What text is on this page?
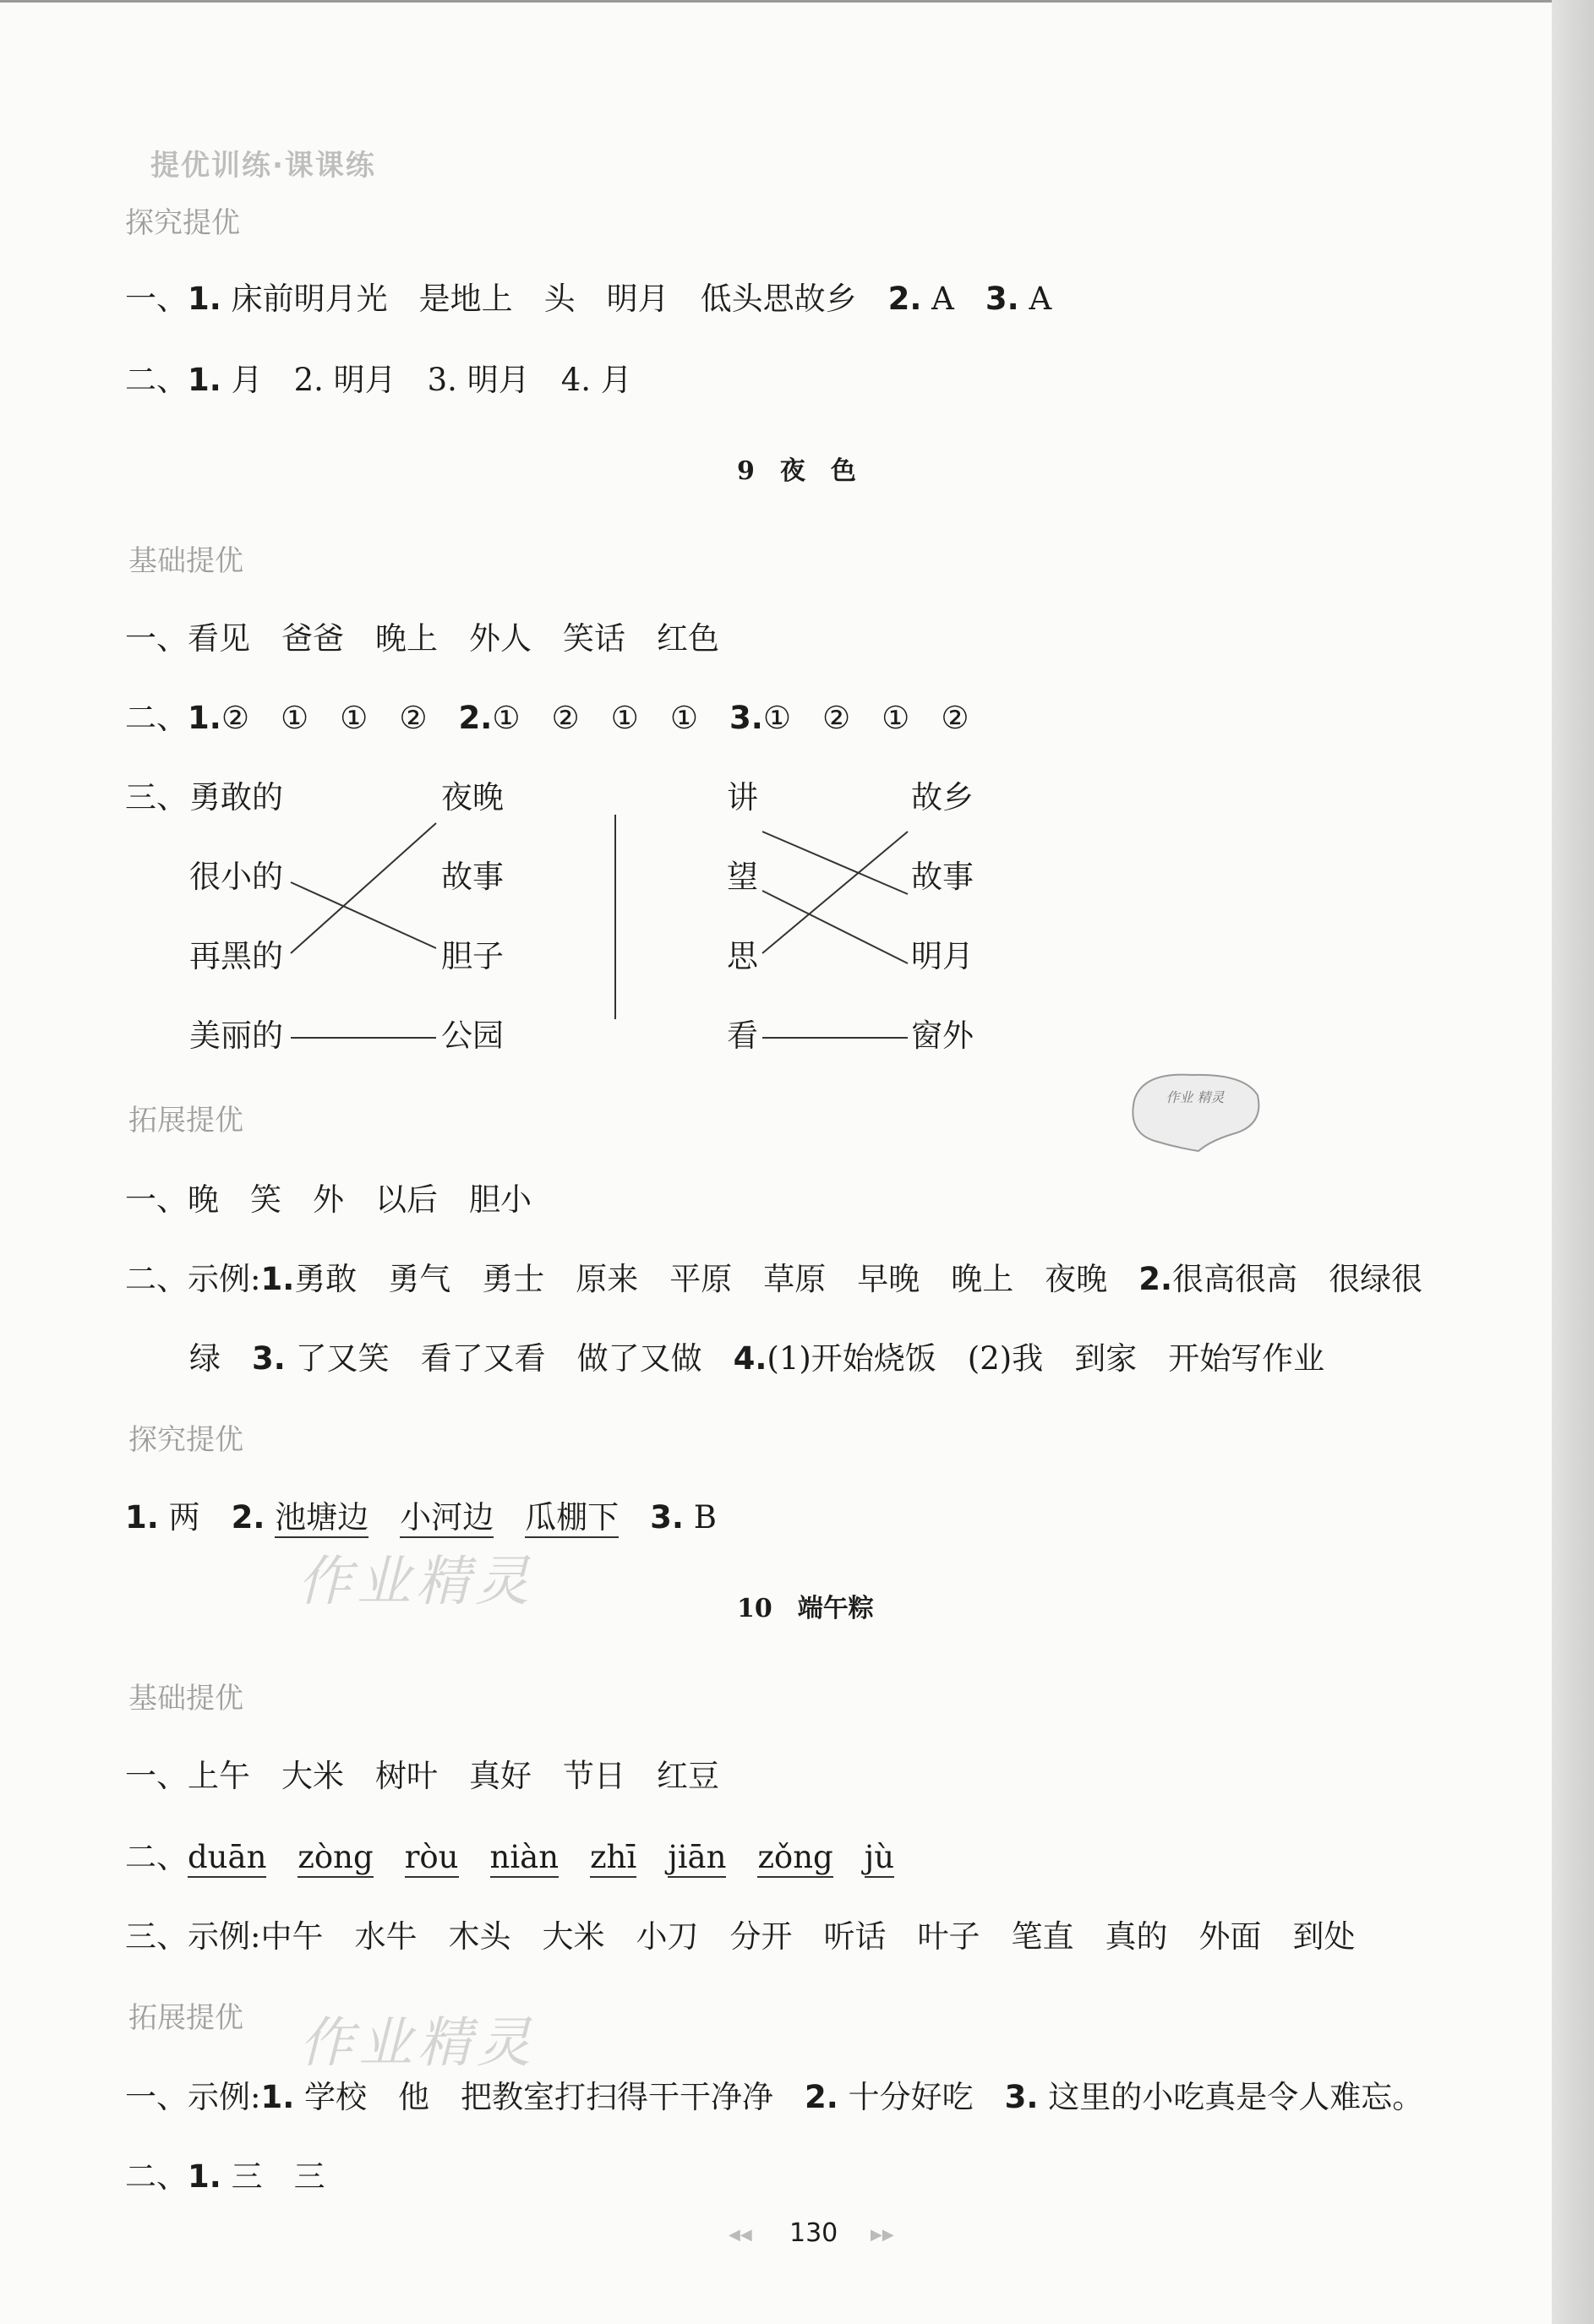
提优训练·课课练
探究提优
一、1. 床前明月光　是地上　头　明月　低头思故乡　 2. A　 3. A
二、1. 月　2. 明月　3. 明月　4. 月
9　夜　色
基础提优
一、看见　爸爸　晚上　外人　笑话　红色
二、1.②　①　①　②　 2.①　②　①　①　 3.①　②　①　②
三、 勇敢的
很小的
再黑的
美丽的
夜晚
故事
胆子
公园
讲
望
思
看
故乡
故事
明月
窗外
拓展提优
一、晚　笑　外　以后　胆小
二、示例:1.勇敢　勇气　勇士　原来　平原　草原　早晚　晚上　夜晚　 2.很高很高　很绿很
绿　3. 了又笑　看了又看　做了又做　 4.(1)开始烧饭　(2)我　到家　开始写作业
探究提优
1. 两　 2. 池塘边　 小河边　 瓜棚下　 3. B
作业精灵	10　端午粽
基础提优
一、上午　大米　树叶　真好　节日　红豆
二、duān　 zòng　 ròu　 niàn　 zhī　 jiān　 zǒng　 jù
三、示例:中午　水牛　木头　大米　小刀　分开　听话　叶子　笔直　真的　外面　到处
拓展提优 作业精灵
一、示例:1. 学校　他　把教室打扫得干干净净　 2. 十分好吃　 3. 这里的小吃真是令人难忘。
二、1. 三　三
作业 精灵
◀◀ 130 ▶▶
